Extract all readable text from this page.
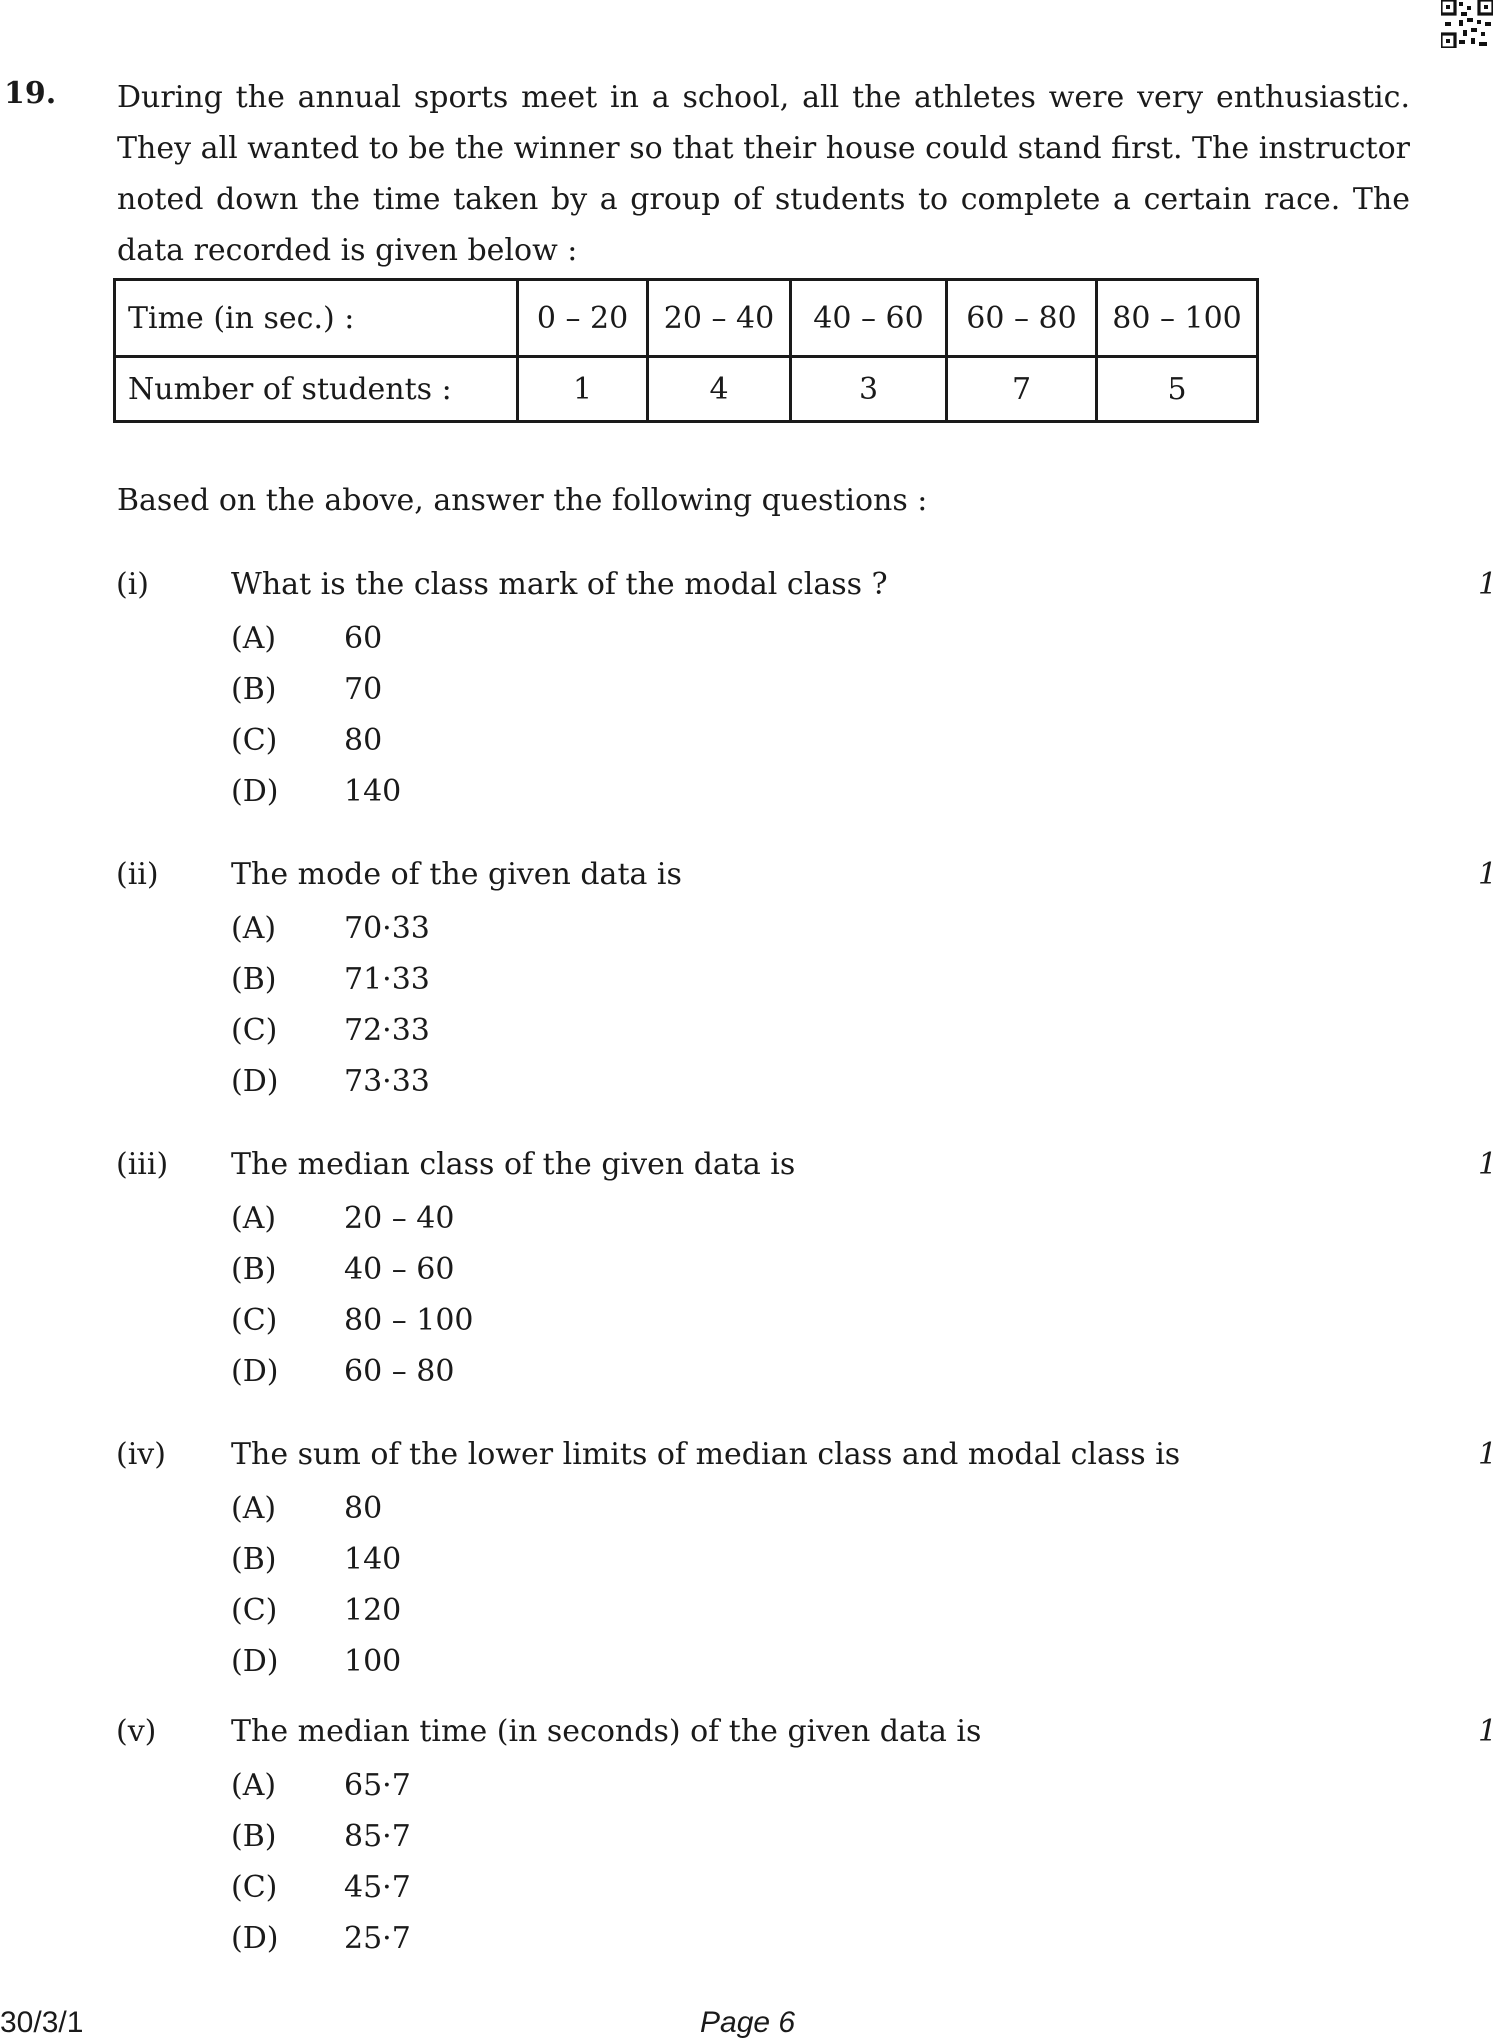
19. During the annual sports meet in a school, all the athletes were very enthusiastic. They all wanted to be the winner so that their house could stand first. The instructor noted down the time taken by a group of students to complete a certain race. The data recorded is given below :
Time (in sec.) :	0 – 20	20 – 40	40 – 60	60 – 80	80 – 100
Number of students :	1	4	3	7	5
Based on the above, answer the following questions :
(i)	What is the class mark of the modal class ?	1
(A) 60
(B) 70
(C) 80
(D) 140
(ii) The mode of the given data is	1
(A) 70·33
(B) 71·33
(C) 72·33
(D) 73·33
(iii) The median class of the given data is	1
(A) 20 – 40
(B) 40 – 60
(C) 80 – 100
(D) 60 – 80
(iv) The sum of the lower limits of median class and modal class is	1
(A) 80
(B) 140
(C) 120
(D) 100
(v) The median time (in seconds) of the given data is	1
(A) 65·7
(B) 85·7
(C) 45·7
(D) 25·7
30/3/1	Page 6
